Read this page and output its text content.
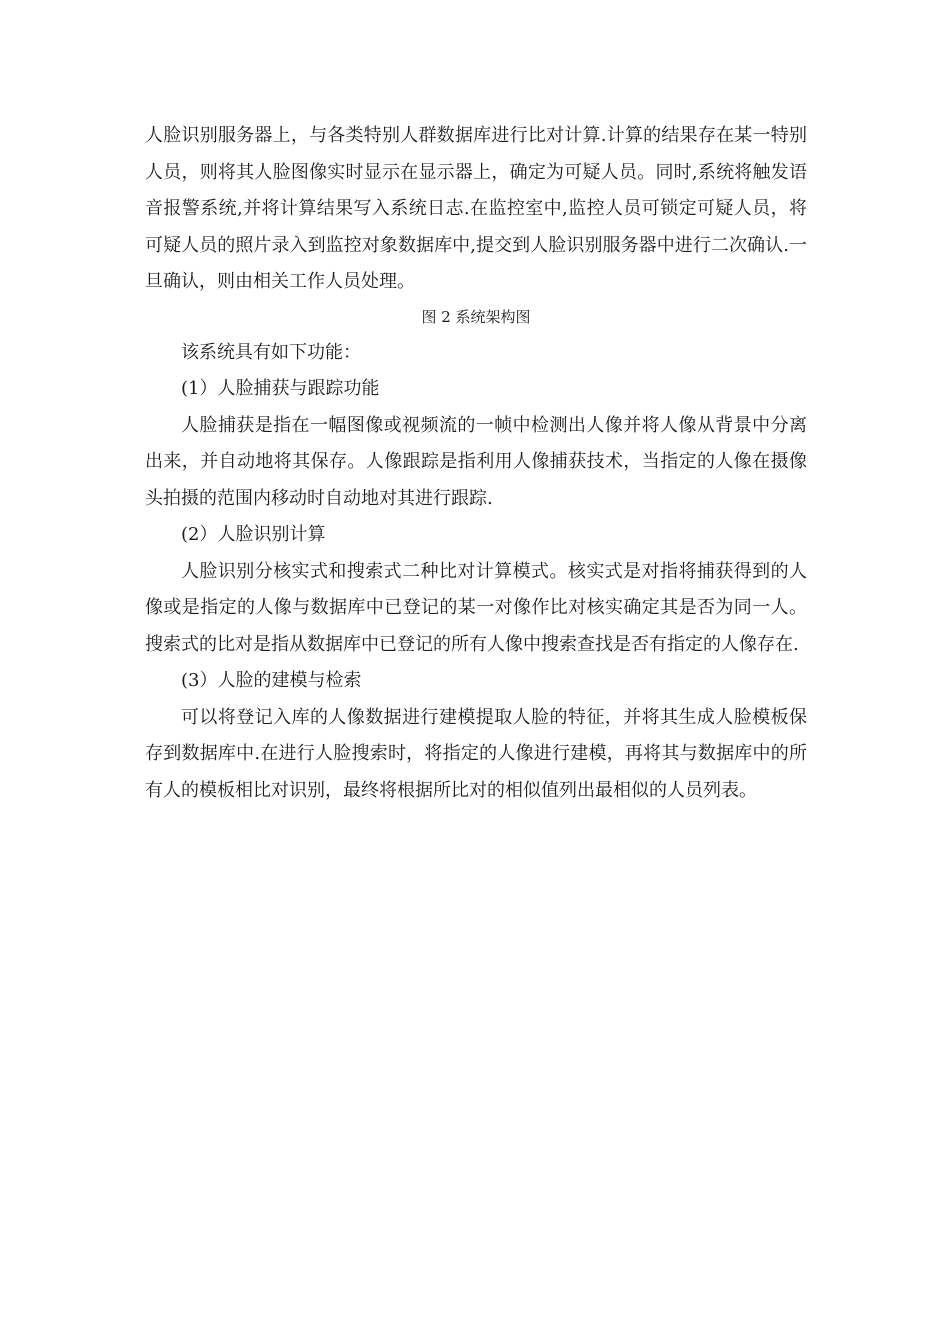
人脸识别服务器上，与各类特别人群数据库进行比对计算.计算的结果存在某一特别人员，则将其人脸图像实时显示在显示器上，确定为可疑人员。同时,系统将触发语音报警系统,并将计算结果写入系统日志.在监控室中,监控人员可锁定可疑人员，将可疑人员的照片录入到监控对象数据库中,提交到人脸识别服务器中进行二次确认.一旦确认，则由相关工作人员处理。

图 2 系统架构图

该系统具有如下功能：

(1）人脸捕获与跟踪功能

人脸捕获是指在一幅图像或视频流的一帧中检测出人像并将人像从背景中分离出来，并自动地将其保存。人像跟踪是指利用人像捕获技术，当指定的人像在摄像头拍摄的范围内移动时自动地对其进行跟踪.

(2）人脸识别计算

人脸识别分核实式和搜索式二种比对计算模式。核实式是对指将捕获得到的人像或是指定的人像与数据库中已登记的某一对像作比对核实确定其是否为同一人。搜索式的比对是指从数据库中已登记的所有人像中搜索查找是否有指定的人像存在.

(3）人脸的建模与检索

可以将登记入库的人像数据进行建模提取人脸的特征，并将其生成人脸模板保存到数据库中.在进行人脸搜索时，将指定的人像进行建模，再将其与数据库中的所有人的模板相比对识别，最终将根据所比对的相似值列出最相似的人员列表。
